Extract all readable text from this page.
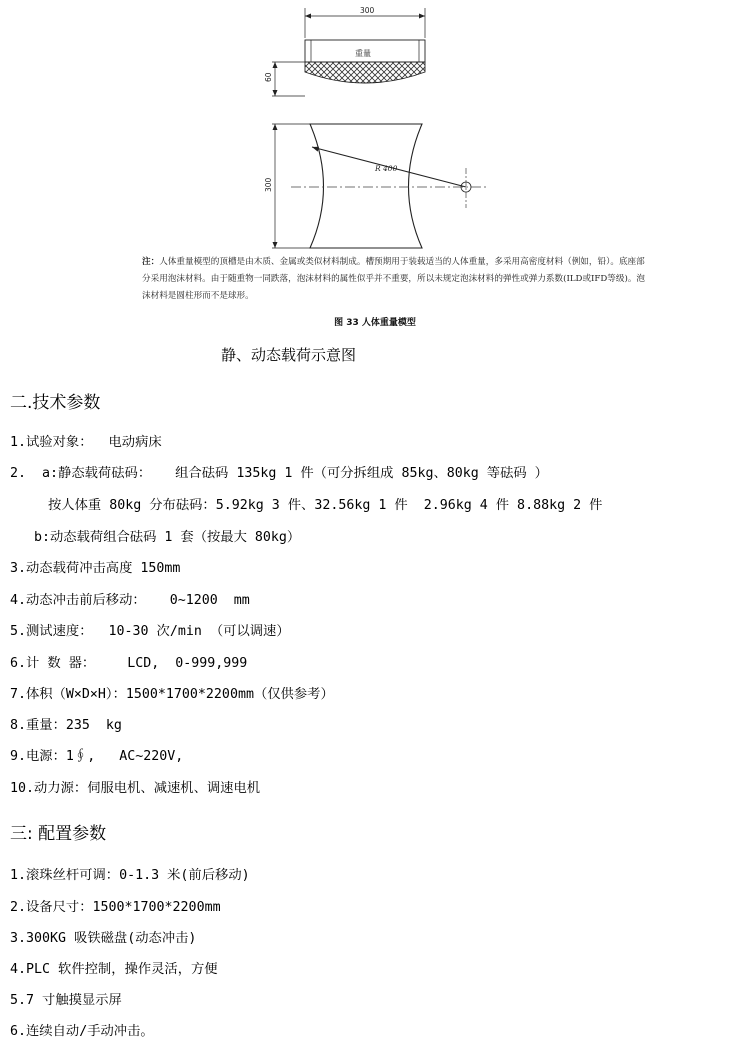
300
重量
60
R 400
300
注：人体重量模型的顶槽是由木质、金属或类似材料制成。槽预期用于装载适当的人体重量，多采用高密度材料（例如，铅）。底座部分采用泡沫材料。由于随重物一同跌落，泡沫材料的属性似乎并不重要，所以未规定泡沫材料的弹性或弹力系数(ILD或IFD等级)。泡沫材料是圆柱形而不是球形。
图 33 人体重量模型
静、动态载荷示意图
二.技术参数
1.试验对象：  电动病床
2.  a:静态载荷砝码：   组合砝码 135kg 1 件（可分拆组成 85kg、80kg 等砝码 ）
按人体重 80kg 分布砝码：5.92kg 3 件、32.56kg 1 件  2.96kg 4 件 8.88kg 2 件
b:动态载荷组合砝码 1 套（按最大 80kg）
3.动态载荷冲击高度 150mm
4.动态冲击前后移动：   0~1200  mm
5.测试速度：  10-30 次/min （可以调速）
6.计 数 器：    LCD,  0-999,999
7.体积（W×D×H）：1500*1700*2200mm（仅供参考）
8.重量：235  kg
9.电源：1∮,   AC~220V,
10.动力源：伺服电机、减速机、调速电机
三: 配置参数
1.滚珠丝杆可调：0-1.3 米(前后移动)
2.设备尺寸：1500*1700*2200mm
3.300KG 吸铁磁盘(动态冲击)
4.PLC 软件控制，操作灵活，方便
5.7 寸触摸显示屏
6.连续自动/手动冲击。
